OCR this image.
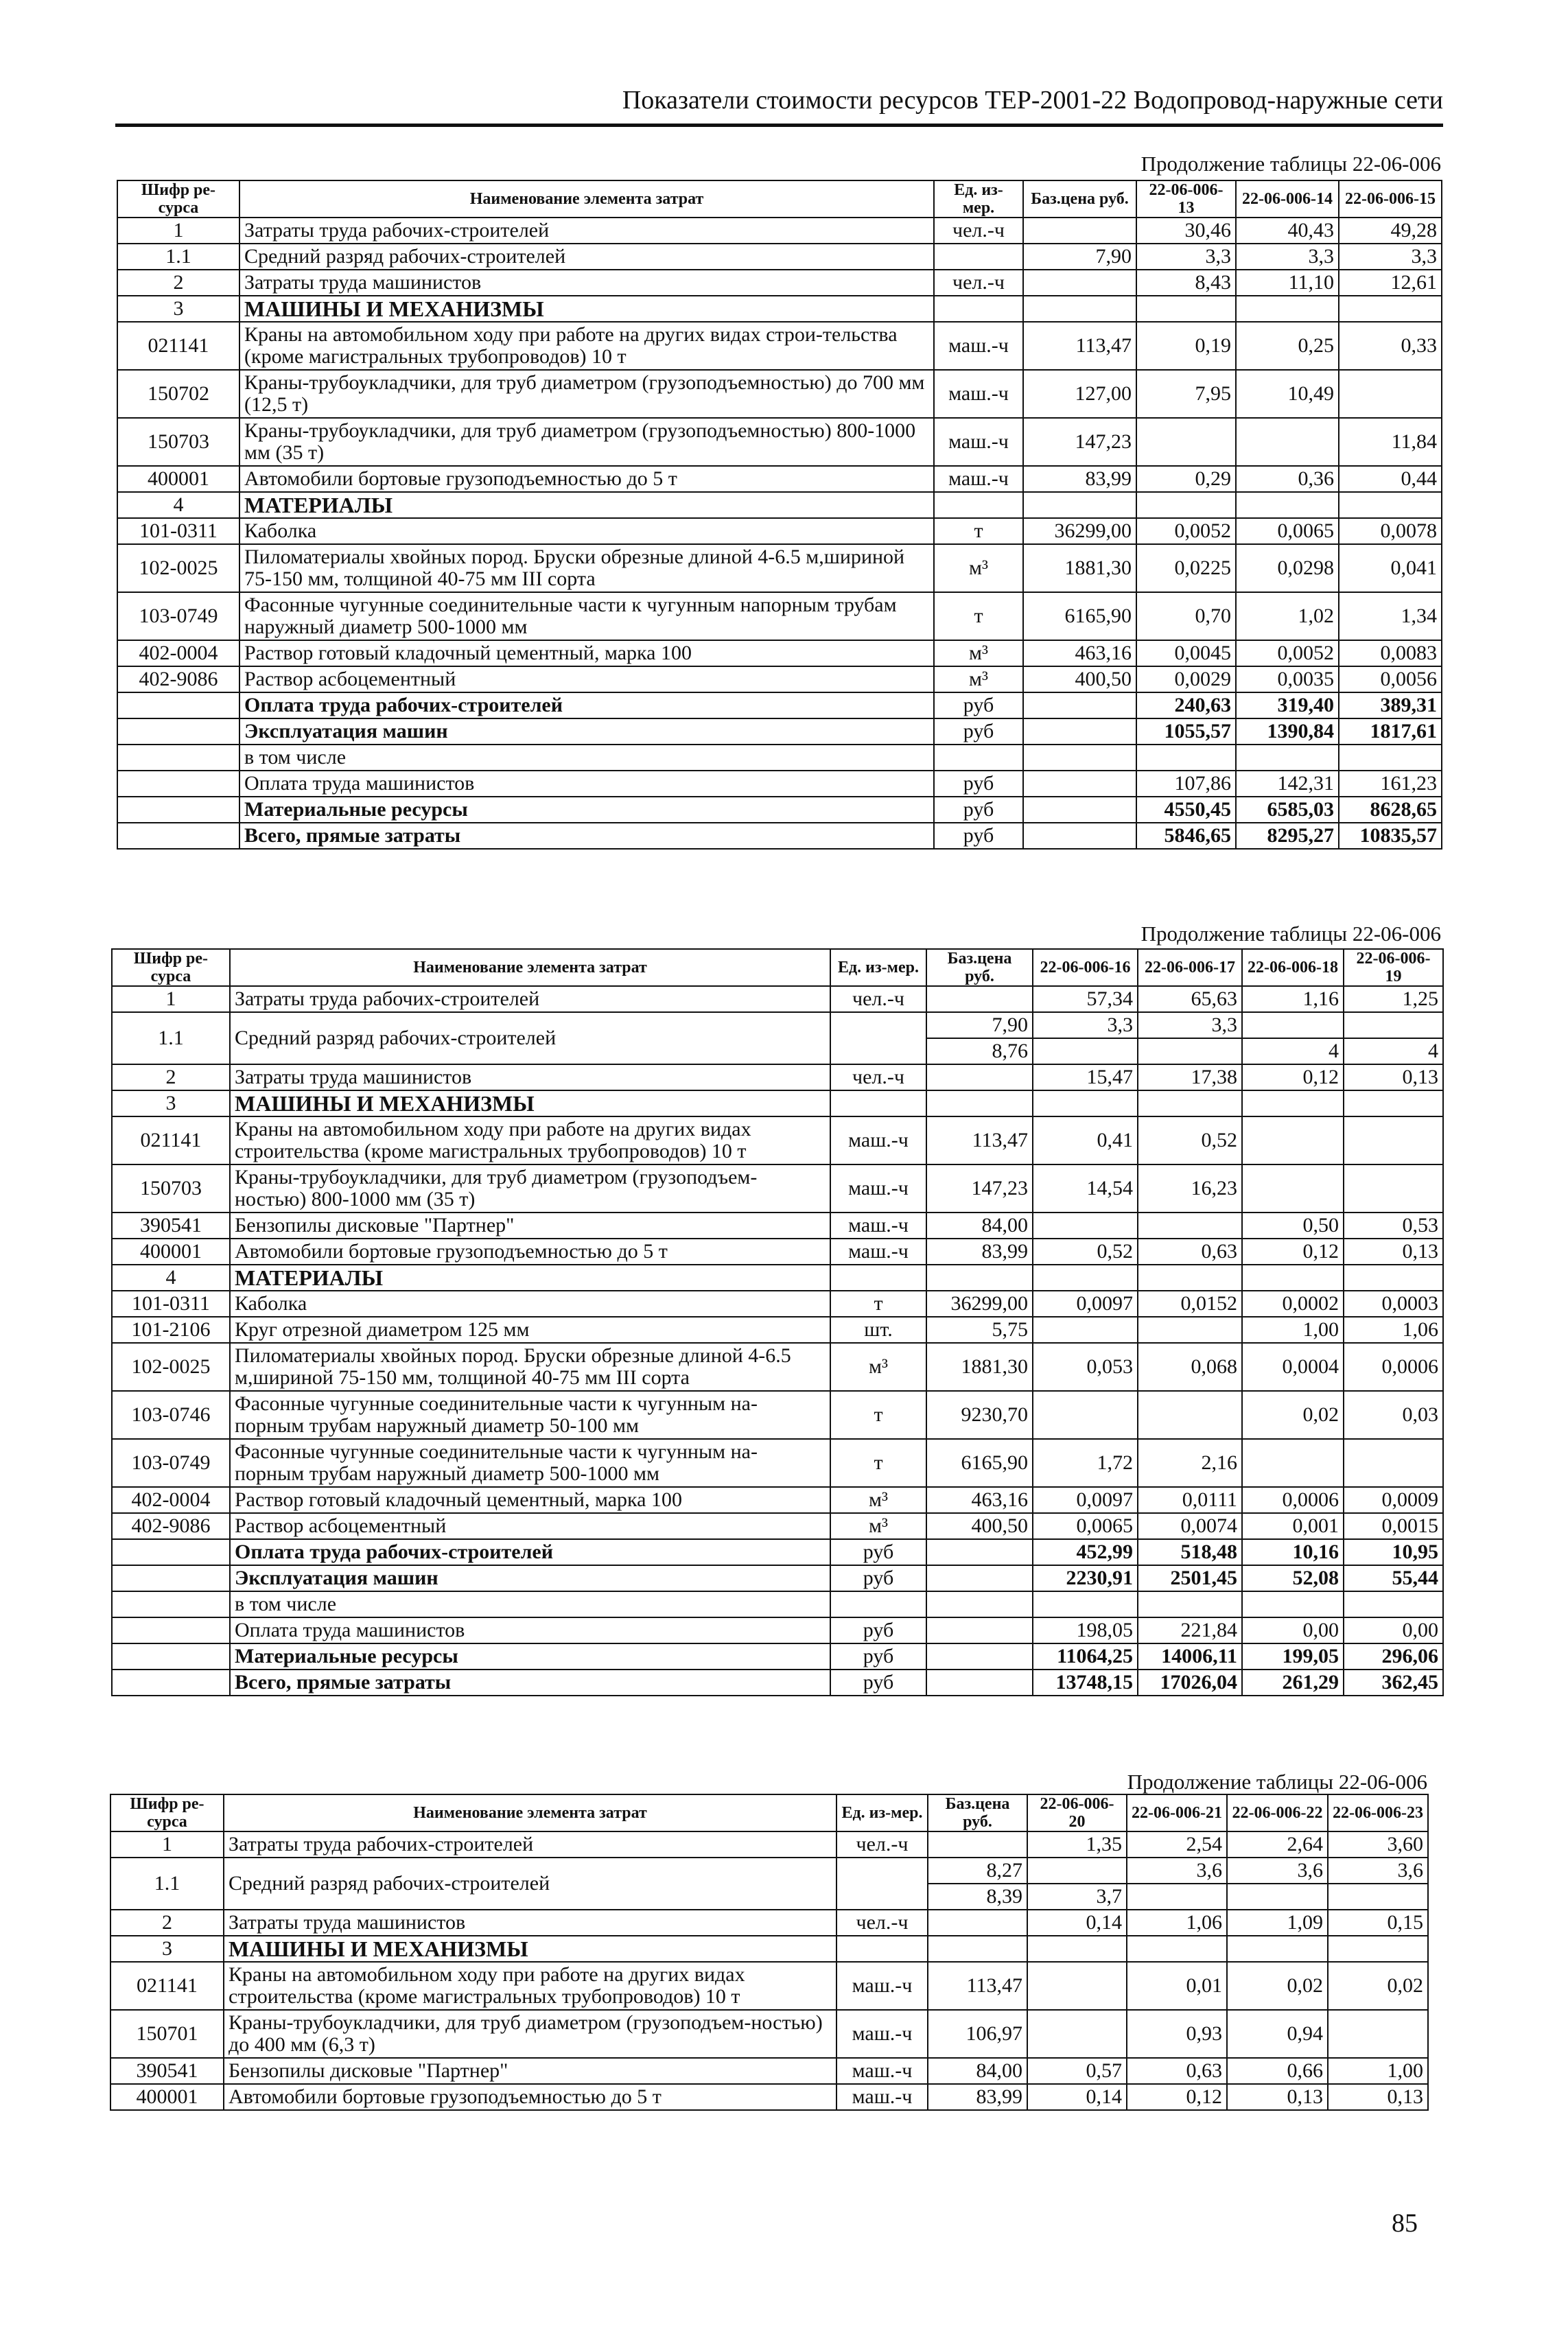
Показатели стоимости ресурсов ТЕР-2001-22 Водопровод-наружные сети
Продолжение таблицы 22-06-006
Шифр ре-сурса	Наименование элемента затрат	Ед. из-мер.	Баз.цена руб.	22-06-006-13	22-06-006-14	22-06-006-15
1	Затраты труда рабочих-строителей	чел.-ч		30,46	40,43	49,28
1.1	Средний разряд рабочих-строителей		7,90	3,3	3,3	3,3
2	Затраты труда машинистов	чел.-ч		8,43	11,10	12,61
3	МАШИНЫ И МЕХАНИЗМЫ					
021141	Краны на автомобильном ходу при работе на других видах строи-тельства (кроме магистральных трубопроводов) 10 т	маш.-ч	113,47	0,19	0,25	0,33
150702	Краны-трубоукладчики, для труб диаметром (грузоподъемностью) до 700 мм (12,5 т)	маш.-ч	127,00	7,95	10,49	
150703	Краны-трубоукладчики, для труб диаметром (грузоподъемностью) 800-1000 мм (35 т)	маш.-ч	147,23			11,84
400001	Автомобили бортовые грузоподъемностью до 5 т	маш.-ч	83,99	0,29	0,36	0,44
4	МАТЕРИАЛЫ					
101-0311	Каболка	т	36299,00	0,0052	0,0065	0,0078
102-0025	Пиломатериалы хвойных пород. Бруски обрезные длиной 4-6.5 м,шириной 75-150 мм, толщиной 40-75 мм III сорта	м³	1881,30	0,0225	0,0298	0,041
103-0749	Фасонные чугунные соединительные части к чугунным напорным трубам наружный диаметр 500-1000 мм	т	6165,90	0,70	1,02	1,34
402-0004	Раствор готовый кладочный цементный, марка 100	м³	463,16	0,0045	0,0052	0,0083
402-9086	Раствор асбоцементный	м³	400,50	0,0029	0,0035	0,0056
	Оплата труда рабочих-строителей	руб		240,63	319,40	389,31
	Эксплуатация машин	руб		1055,57	1390,84	1817,61
	в том числе					
	Оплата труда машинистов	руб		107,86	142,31	161,23
	Материальные ресурсы	руб		4550,45	6585,03	8628,65
	Всего, прямые затраты	руб		5846,65	8295,27	10835,57
Продолжение таблицы 22-06-006
Шифр ре-сурса	Наименование элемента затрат	Ед. из-мер.	Баз.цена руб.	22-06-006-16	22-06-006-17	22-06-006-18	22-06-006-19
1	Затраты труда рабочих-строителей	чел.-ч		57,34	65,63	1,16	1,25
1.1	Средний разряд рабочих-строителей		7,90	3,3	3,3		
			8,76			4	4
2	Затраты труда машинистов	чел.-ч		15,47	17,38	0,12	0,13
3	МАШИНЫ И МЕХАНИЗМЫ						
021141	Краны на автомобильном ходу при работе на других видах строительства (кроме магистральных трубопроводов) 10 т	маш.-ч	113,47	0,41	0,52		
150703	Краны-трубоукладчики, для труб диаметром (грузоподъем-ностью) 800-1000 мм (35 т)	маш.-ч	147,23	14,54	16,23		
390541	Бензопилы дисковые "Партнер"	маш.-ч	84,00			0,50	0,53
400001	Автомобили бортовые грузоподъемностью до 5 т	маш.-ч	83,99	0,52	0,63	0,12	0,13
4	МАТЕРИАЛЫ						
101-0311	Каболка	т	36299,00	0,0097	0,0152	0,0002	0,0003
101-2106	Круг отрезной диаметром 125 мм	шт.	5,75			1,00	1,06
102-0025	Пиломатериалы хвойных пород. Бруски обрезные длиной 4-6.5 м,шириной 75-150 мм, толщиной 40-75 мм III сорта	м³	1881,30	0,053	0,068	0,0004	0,0006
103-0746	Фасонные чугунные соединительные части к чугунным на-порным трубам наружный диаметр 50-100 мм	т	9230,70			0,02	0,03
103-0749	Фасонные чугунные соединительные части к чугунным на-порным трубам наружный диаметр 500-1000 мм	т	6165,90	1,72	2,16		
402-0004	Раствор готовый кладочный цементный, марка 100	м³	463,16	0,0097	0,0111	0,0006	0,0009
402-9086	Раствор асбоцементный	м³	400,50	0,0065	0,0074	0,001	0,0015
	Оплата труда рабочих-строителей	руб		452,99	518,48	10,16	10,95
	Эксплуатация машин	руб		2230,91	2501,45	52,08	55,44
	в том числе						
	Оплата труда машинистов	руб		198,05	221,84	0,00	0,00
	Материальные ресурсы	руб		11064,25	14006,11	199,05	296,06
	Всего, прямые затраты	руб		13748,15	17026,04	261,29	362,45
Продолжение таблицы 22-06-006
Шифр ре-сурса	Наименование элемента затрат	Ед. из-мер.	Баз.цена руб.	22-06-006-20	22-06-006-21	22-06-006-22	22-06-006-23
1	Затраты труда рабочих-строителей	чел.-ч		1,35	2,54	2,64	3,60
1.1	Средний разряд рабочих-строителей		8,27		3,6	3,6	3,6
			8,39	3,7			
2	Затраты труда машинистов	чел.-ч		0,14	1,06	1,09	0,15
3	МАШИНЫ И МЕХАНИЗМЫ						
021141	Краны на автомобильном ходу при работе на других видах строительства (кроме магистральных трубопроводов) 10 т	маш.-ч	113,47		0,01	0,02	0,02
150701	Краны-трубоукладчики, для труб диаметром (грузоподъем-ностью) до 400 мм (6,3 т)	маш.-ч	106,97		0,93	0,94	
390541	Бензопилы дисковые "Партнер"	маш.-ч	84,00	0,57	0,63	0,66	1,00
400001	Автомобили бортовые грузоподъемностью до 5 т	маш.-ч	83,99	0,14	0,12	0,13	0,13
85
